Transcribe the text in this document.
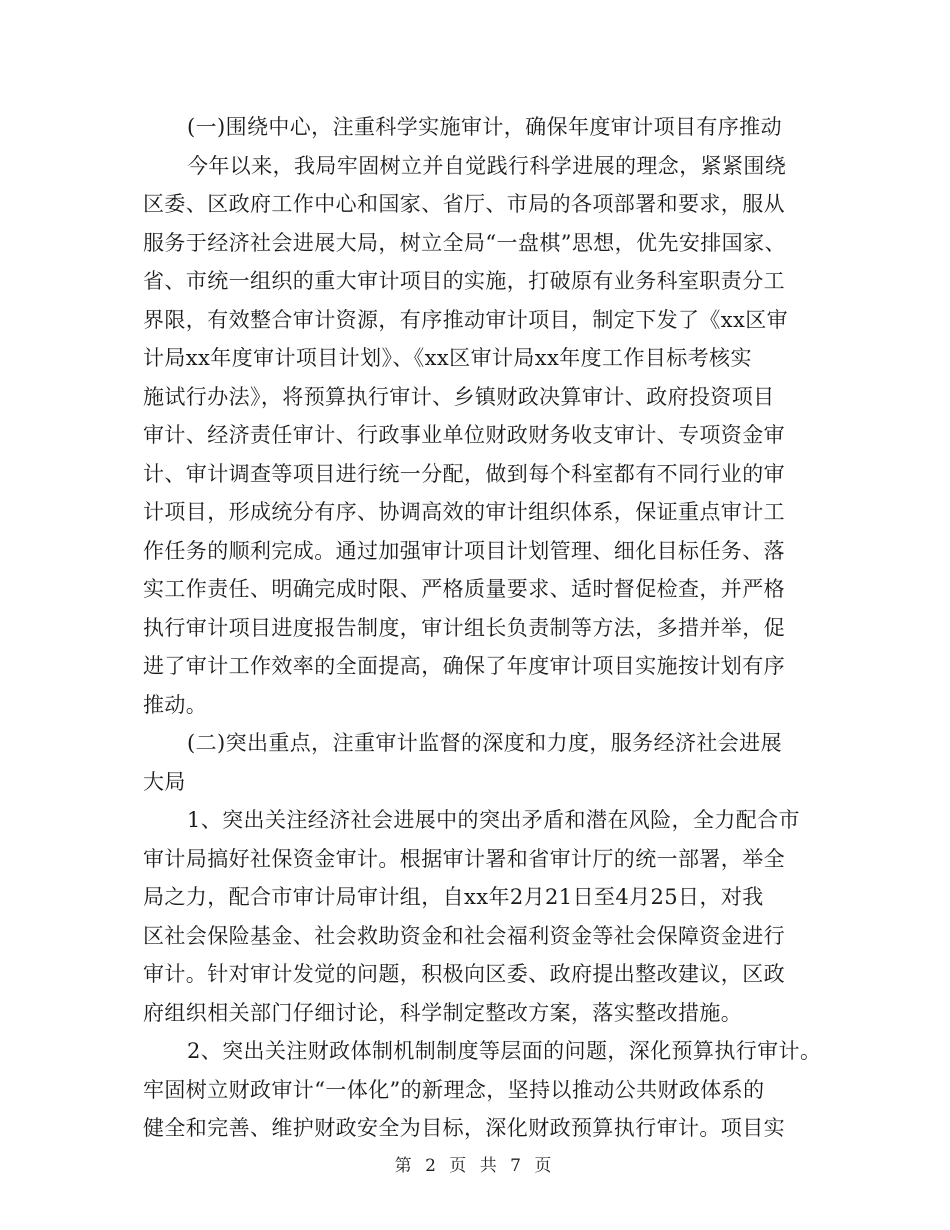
(一)围绕中心，注重科学实施审计，确保年度审计项目有序推动
今年以来，我局牢固树立并自觉践行科学进展的理念，紧紧围绕
区委、区政府工作中心和国家、省厅、市局的各项部署和要求，服从
服务于经济社会进展大局，树立全局“一盘棋”思想，优先安排国家、
省、市统一组织的重大审计项目的实施，打破原有业务科室职责分工
界限，有效整合审计资源，有序推动审计项目，制定下发了《xx区审
计局xx年度审计项目计划》、《xx区审计局xx年度工作目标考核实
施试行办法》，将预算执行审计、乡镇财政决算审计、政府投资项目
审计、经济责任审计、行政事业单位财政财务收支审计、专项资金审
计、审计调查等项目进行统一分配，做到每个科室都有不同行业的审
计项目，形成统分有序、协调高效的审计组织体系，保证重点审计工
作任务的顺利完成。通过加强审计项目计划管理、细化目标任务、落
实工作责任、明确完成时限、严格质量要求、适时督促检查，并严格
执行审计项目进度报告制度，审计组长负责制等方法，多措并举，促
进了审计工作效率的全面提高，确保了年度审计项目实施按计划有序
推动。
(二)突出重点，注重审计监督的深度和力度，服务经济社会进展
大局
1、突出关注经济社会进展中的突出矛盾和潜在风险，全力配合市
审计局搞好社保资金审计。根据审计署和省审计厅的统一部署，举全
局之力，配合市审计局审计组，自xx年2月21日至4月25日，对我
区社会保险基金、社会救助资金和社会福利资金等社会保障资金进行
审计。针对审计发觉的问题，积极向区委、政府提出整改建议，区政
府组织相关部门仔细讨论，科学制定整改方案，落实整改措施。
2、突出关注财政体制机制制度等层面的问题，深化预算执行审计。
牢固树立财政审计“一体化”的新理念，坚持以推动公共财政体系的
健全和完善、维护财政安全为目标，深化财政预算执行审计。项目实
第 2 页 共 7 页
